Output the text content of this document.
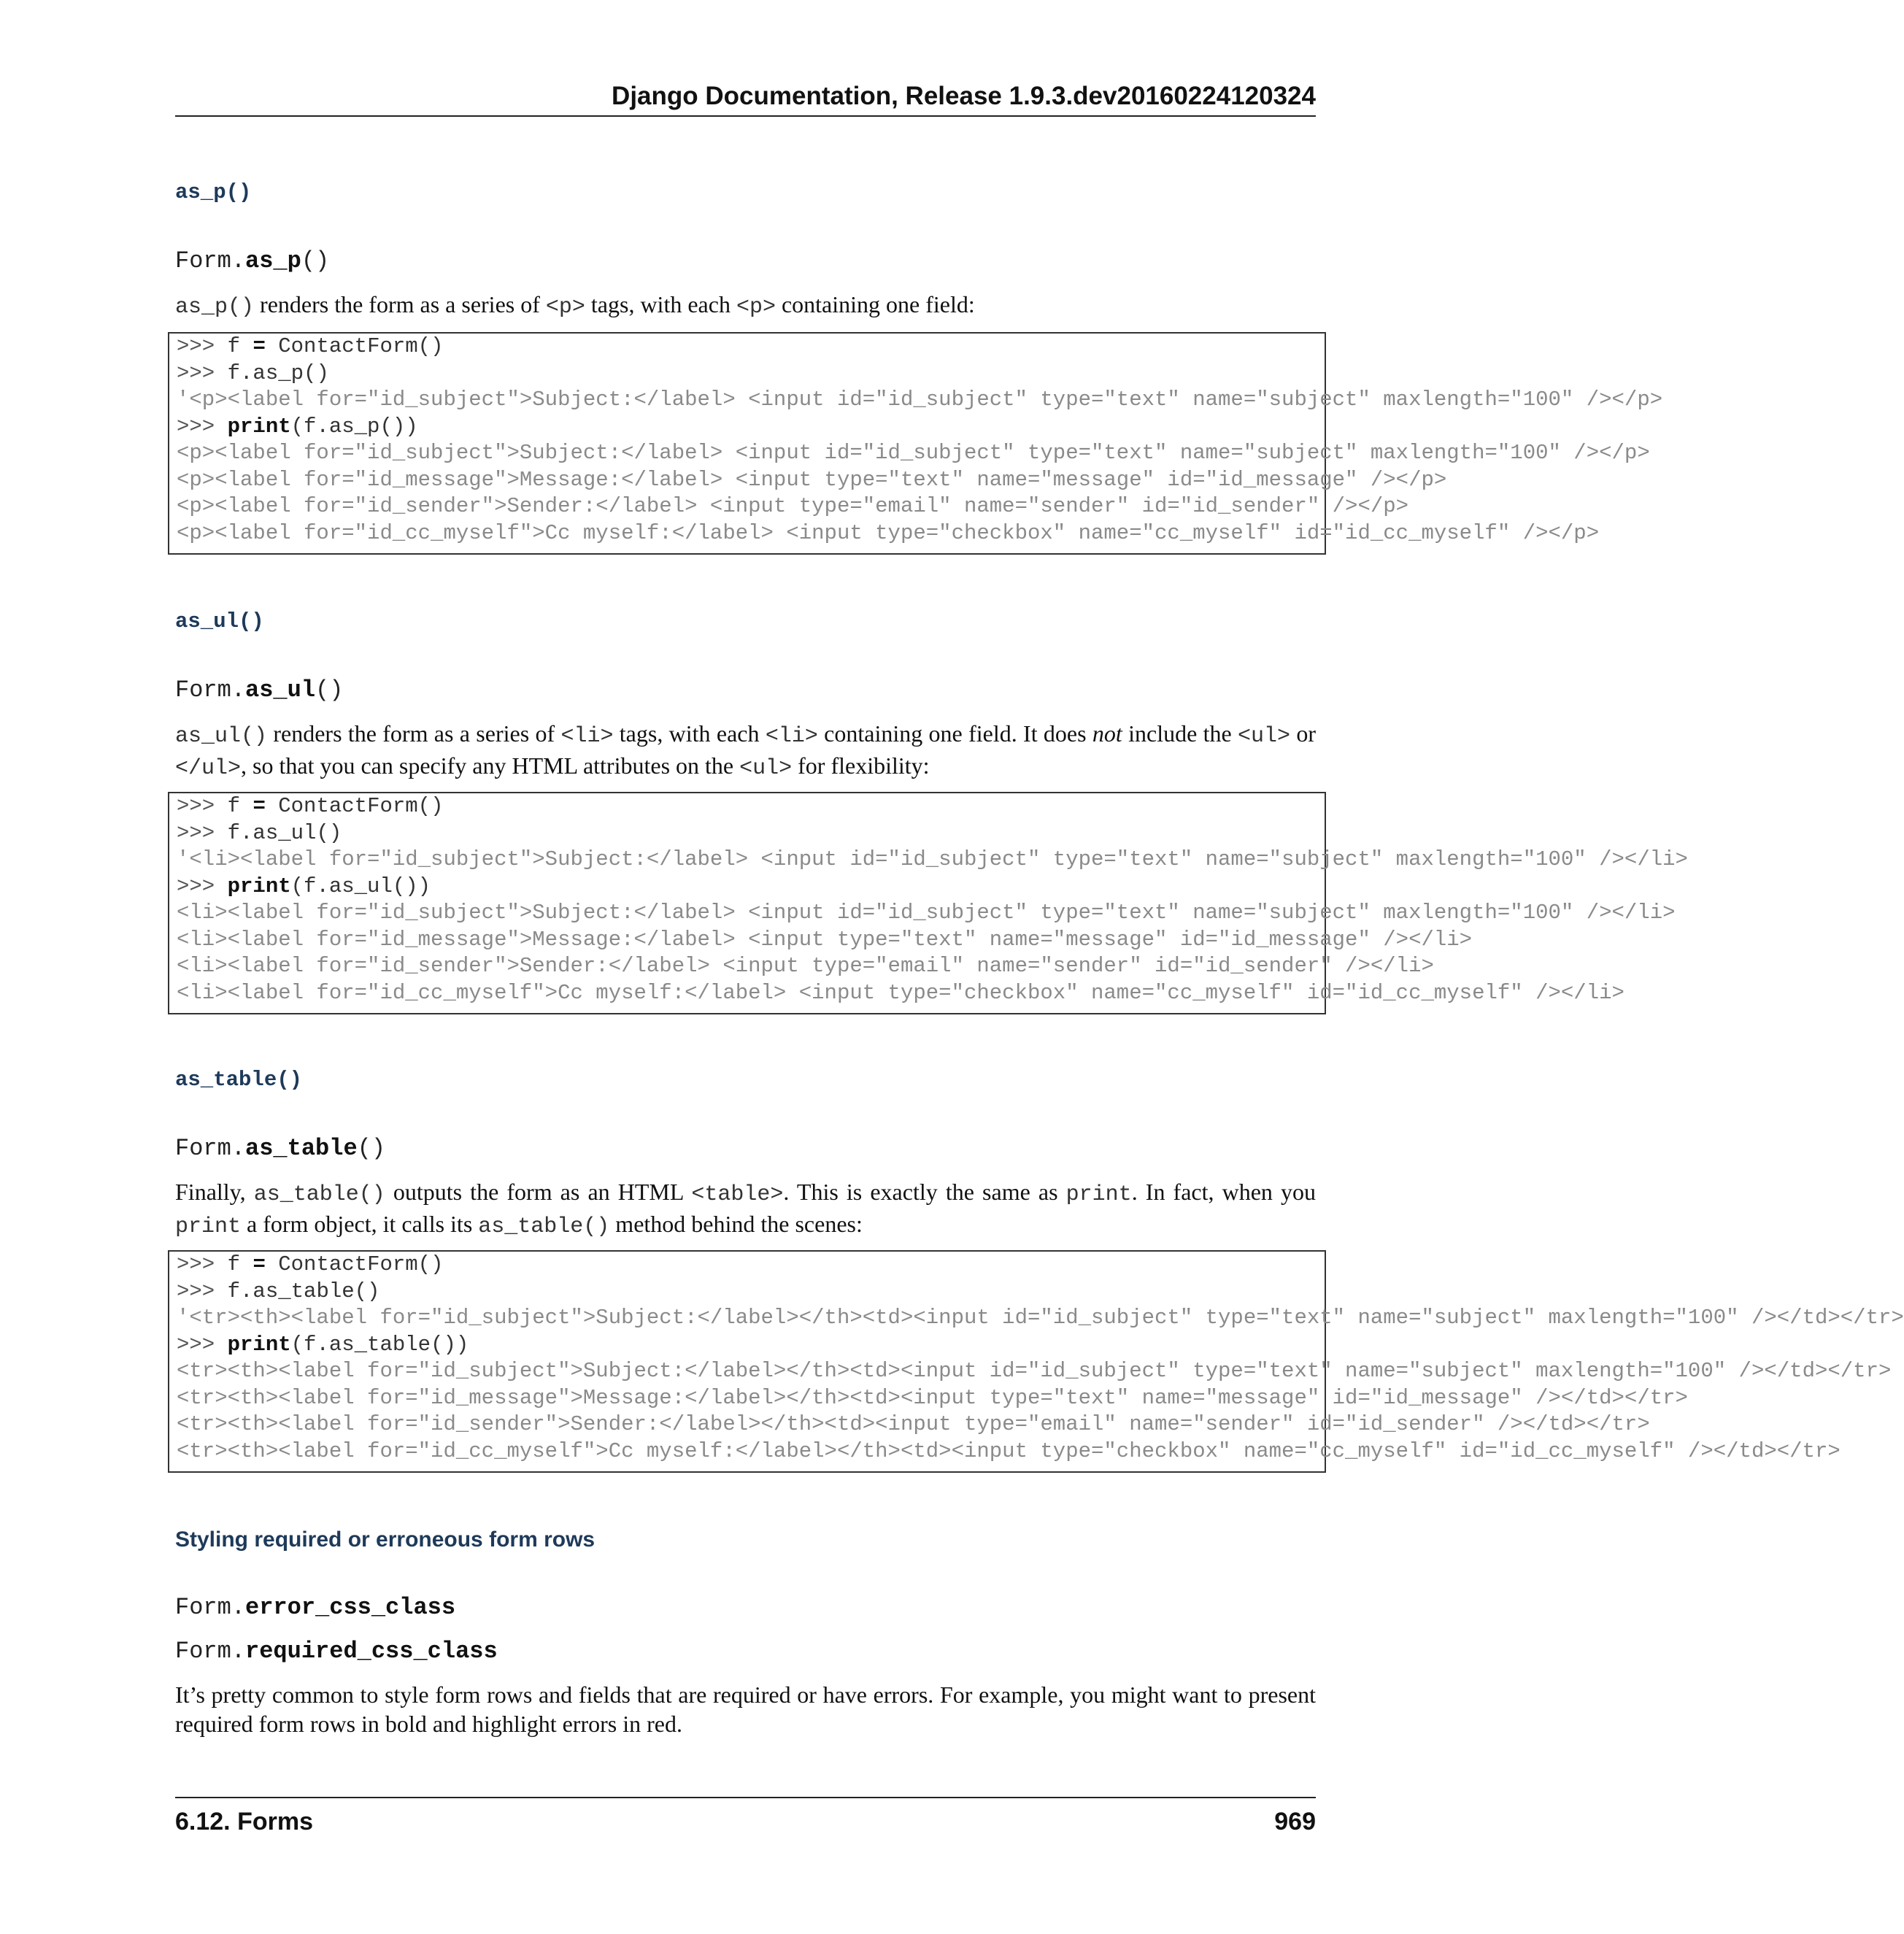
Django Documentation, Release 1.9.3.dev20160224120324
as_p()
Form.as_p()
as_p() renders the form as a series of <p> tags, with each <p> containing one field:
>>> f = ContactForm()
>>> f.as_p()
'<p><label for="id_subject">Subject:</label> <input id="id_subject" type="text" name="subject" maxlength="100" /></p>
>>> print(f.as_p())
<p><label for="id_subject">Subject:</label> <input id="id_subject" type="text" name="subject" maxlength="100" /></p>
<p><label for="id_message">Message:</label> <input type="text" name="message" id="id_message" /></p>
<p><label for="id_sender">Sender:</label> <input type="email" name="sender" id="id_sender" /></p>
<p><label for="id_cc_myself">Cc myself:</label> <input type="checkbox" name="cc_myself" id="id_cc_myself" /></p>
as_ul()
Form.as_ul()
as_ul() renders the form as a series of <li> tags, with each <li> containing one field. It does not include the <ul> or </ul>, so that you can specify any HTML attributes on the <ul> for flexibility:
>>> f = ContactForm()
>>> f.as_ul()
'<li><label for="id_subject">Subject:</label> <input id="id_subject" type="text" name="subject" maxlength="100" /></li>
>>> print(f.as_ul())
<li><label for="id_subject">Subject:</label> <input id="id_subject" type="text" name="subject" maxlength="100" /></li>
<li><label for="id_message">Message:</label> <input type="text" name="message" id="id_message" /></li>
<li><label for="id_sender">Sender:</label> <input type="email" name="sender" id="id_sender" /></li>
<li><label for="id_cc_myself">Cc myself:</label> <input type="checkbox" name="cc_myself" id="id_cc_myself" /></li>
as_table()
Form.as_table()
Finally, as_table() outputs the form as an HTML <table>. This is exactly the same as print. In fact, when you print a form object, it calls its as_table() method behind the scenes:
>>> f = ContactForm()
>>> f.as_table()
'<tr><th><label for="id_subject">Subject:</label></th><td><input id="id_subject" type="text" name="subject" maxlength="100" /></td></tr>
>>> print(f.as_table())
<tr><th><label for="id_subject">Subject:</label></th><td><input id="id_subject" type="text" name="subject" maxlength="100" /></td></tr>
<tr><th><label for="id_message">Message:</label></th><td><input type="text" name="message" id="id_message" /></td></tr>
<tr><th><label for="id_sender">Sender:</label></th><td><input type="email" name="sender" id="id_sender" /></td></tr>
<tr><th><label for="id_cc_myself">Cc myself:</label></th><td><input type="checkbox" name="cc_myself" id="id_cc_myself" /></td></tr>
Styling required or erroneous form rows
Form.error_css_class
Form.required_css_class
It’s pretty common to style form rows and fields that are required or have errors. For example, you might want to present required form rows in bold and highlight errors in red.
6.12. Forms	969
